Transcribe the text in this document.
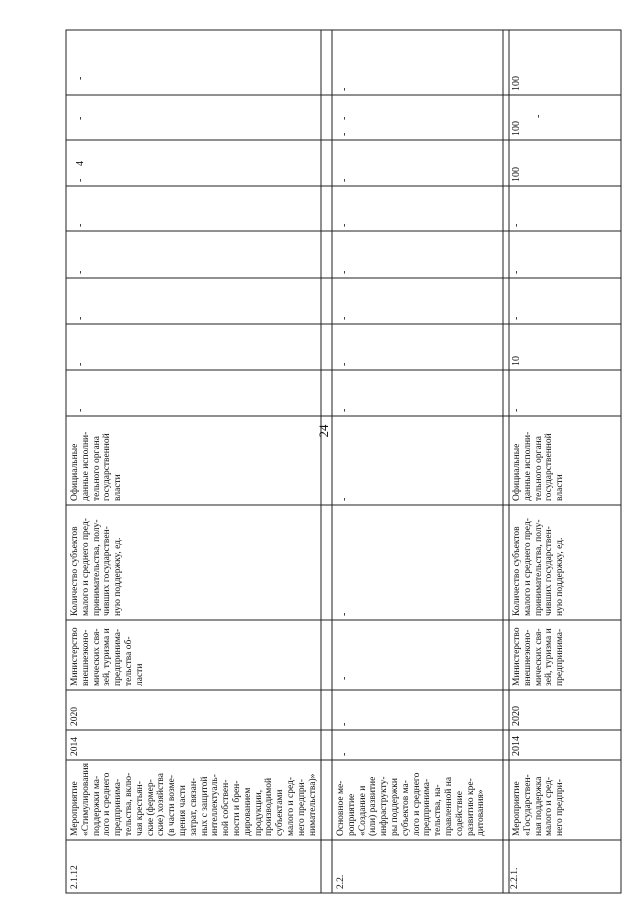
24
2.1.12
Мероприятие
«Стимулирования
поддержки ма-
лого и среднего
предпринима-
тельства, вклю-
чая крестьян-
ские (фермер-
ские) хозяйства
(в части возме-
щения части
затрат, связан-
ных с защитой
интеллектуаль-
ной собствен-
ности и брен-
дированием
продукции,
производимой
субъектами
малого и сред-
него предпри-
нимательства)»
2014
2020
Министерство
внешнеэконо-
мических свя-
зей, туризма и
предпринима-
тельства об-
ласти
Количество субъектов
малого и среднего пред-
принимательства, полу-
чивших государствен-
ную поддержку, ед.
Официальные
данные исполни-
тельного органа
государственной
власти
-
-
-
-
-
-
4
-
-
2.2.
Основное ме-
роприятие
«Создание и
(или) развитие
инфраструкту-
ры поддержки
субъектов ма-
лого и среднего
предпринима-
тельства, на-
правленной на
содействие
развитию кре-
дитования»
-
-
-
-
-
-
-
-
-
-
-
-
-
-
2.2.1.
Мероприятие
«Государствен-
ная поддержка
малого и сред-
него предпри-
2014
2020
Министерство
внешнеэконо-
мических свя-
зей, туризма и
предпринима-
Количество субъектов
малого и среднего пред-
принимательства, полу-
чивших государствен-
ную поддержку, ед.
Официальные
данные исполни-
тельного органа
государственной
власти
-
10
-
-
-
100
100
100
-
